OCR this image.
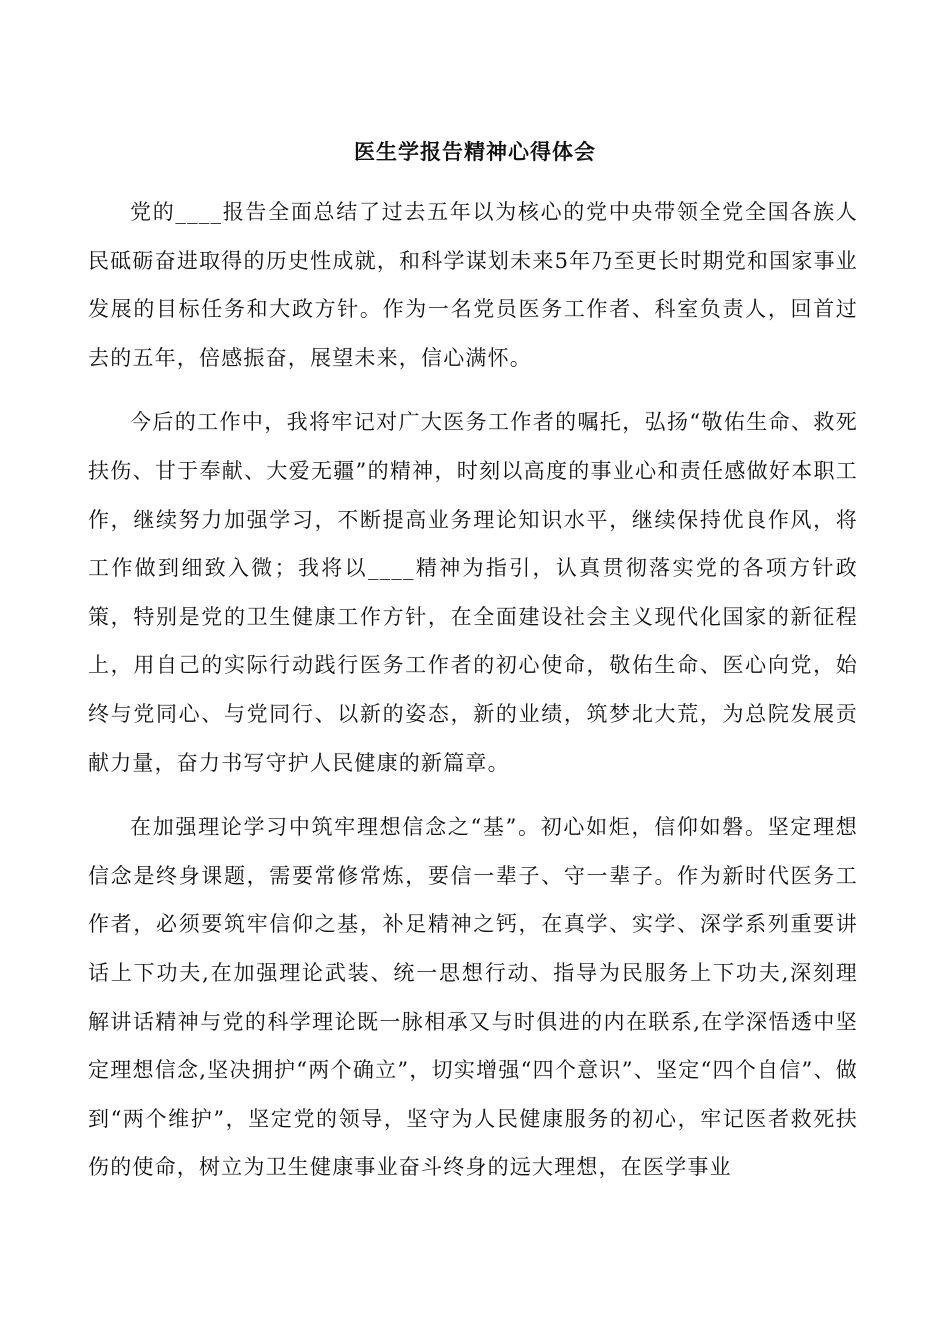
医生学报告精神心得体会

党的____报告全面总结了过去五年以为核心的党中央带领全党全国各族人民砥砺奋进取得的历史性成就，和科学谋划未来5年乃至更长时期党和国家事业发展的目标任务和大政方针。作为一名党员医务工作者、科室负责人，回首过去的五年，倍感振奋，展望未来，信心满怀。

今后的工作中，我将牢记对广大医务工作者的嘱托，弘扬“敬佑生命、救死扶伤、甘于奉献、大爱无疆”的精神，时刻以高度的事业心和责任感做好本职工作，继续努力加强学习，不断提高业务理论知识水平，继续保持优良作风，将工作做到细致入微；我将以____精神为指引，认真贯彻落实党的各项方针政策，特别是党的卫生健康工作方针，在全面建设社会主义现代化国家的新征程上，用自己的实际行动践行医务工作者的初心使命，敬佑生命、医心向党，始终与党同心、与党同行、以新的姿态，新的业绩，筑梦北大荒，为总院发展贡献力量，奋力书写守护人民健康的新篇章。

在加强理论学习中筑牢理想信念之“基”。初心如炬，信仰如磐。坚定理想信念是终身课题，需要常修常炼，要信一辈子、守一辈子。作为新时代医务工作者，必须要筑牢信仰之基，补足精神之钙，在真学、实学、深学系列重要讲话上下功夫,在加强理论武装、统一思想行动、指导为民服务上下功夫,深刻理解讲话精神与党的科学理论既一脉相承又与时俱进的内在联系,在学深悟透中坚定理想信念,坚决拥护“两个确立”，切实增强“四个意识”、坚定“四个自信”、做到“两个维护”，坚定党的领导，坚守为人民健康服务的初心，牢记医者救死扶伤的使命，树立为卫生健康事业奋斗终身的远大理想，在医学事业
